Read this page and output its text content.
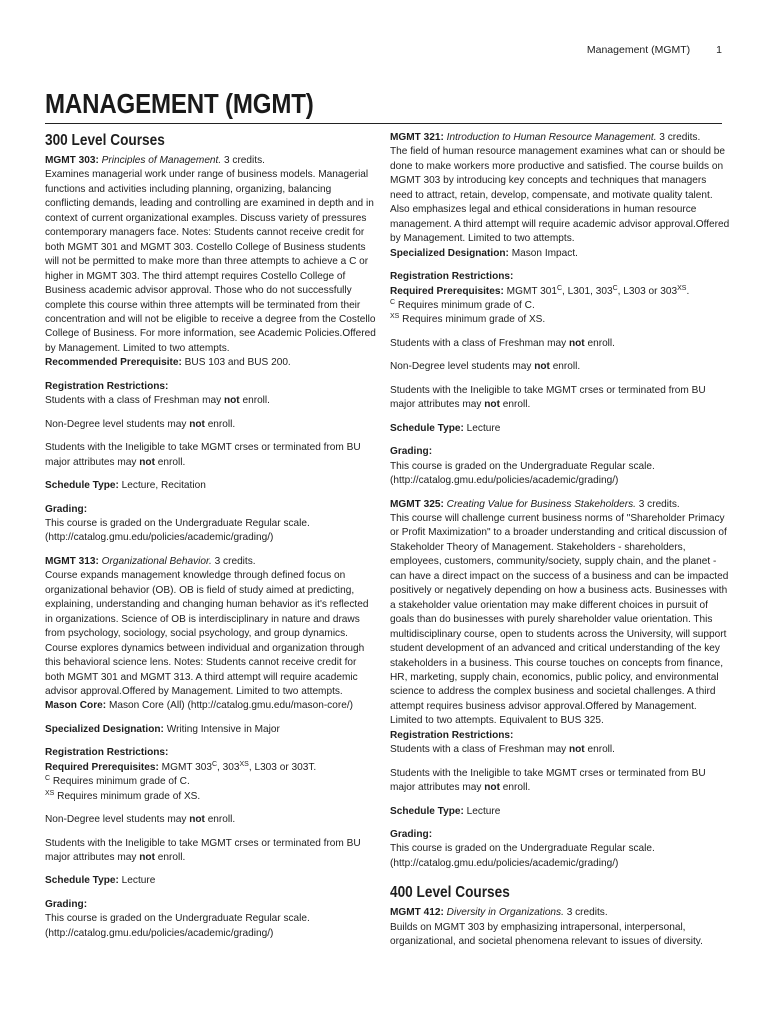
Management (MGMT) 1
MANAGEMENT (MGMT)
300 Level Courses
MGMT 303: Principles of Management. 3 credits.
Examines managerial work under range of business models. Managerial functions and activities including planning, organizing, balancing conflicting demands, leading and controlling are examined in depth and in context of current organizational examples. Discuss variety of pressures contemporary managers face. Notes: Students cannot receive credit for both MGMT 301 and MGMT 303. Costello College of Business students will not be permitted to make more than three attempts to achieve a C or higher in MGMT 303. The third attempt requires Costello College of Business academic advisor approval. Those who do not successfully complete this course within three attempts will be terminated from their concentration and will not be eligible to receive a degree from the Costello College of Business. For more information, see Academic Policies.Offered by Management. Limited to two attempts.
Recommended Prerequisite: BUS 103 and BUS 200.
Registration Restrictions:
Students with a class of Freshman may not enroll.
Non-Degree level students may not enroll.
Students with the Ineligible to take MGMT crses or terminated from BU major attributes may not enroll.
Schedule Type: Lecture, Recitation
Grading:
This course is graded on the Undergraduate Regular scale. (http://catalog.gmu.edu/policies/academic/grading/)
MGMT 313: Organizational Behavior. 3 credits.
Course expands management knowledge through defined focus on organizational behavior (OB). OB is field of study aimed at predicting, explaining, understanding and changing human behavior as it's reflected in organizations. Science of OB is interdisciplinary in nature and draws from psychology, sociology, social psychology, and group dynamics. Course explores dynamics between individual and organization through this behavioral science lens. Notes: Students cannot receive credit for both MGMT 301 and MGMT 313. A third attempt will require academic advisor approval.Offered by Management. Limited to two attempts.
Mason Core: Mason Core (All) (http://catalog.gmu.edu/mason-core/)
Specialized Designation: Writing Intensive in Major
Registration Restrictions:
Required Prerequisites: MGMT $303^C$, $303^{XS}$, L303 or 303T.
$^C$ Requires minimum grade of C.
$^{XS}$ Requires minimum grade of XS.
Non-Degree level students may not enroll.
Students with the Ineligible to take MGMT crses or terminated from BU major attributes may not enroll.
Schedule Type: Lecture
Grading:
This course is graded on the Undergraduate Regular scale. (http://catalog.gmu.edu/policies/academic/grading/)
MGMT 321: Introduction to Human Resource Management. 3 credits.
The field of human resource management examines what can or should be done to make workers more productive and satisfied. The course builds on MGMT 303 by introducing key concepts and techniques that managers need to attract, retain, develop, compensate, and motivate quality talent. Also emphasizes legal and ethical considerations in human resource management. A third attempt will require academic advisor approval.Offered by Management. Limited to two attempts.
Specialized Designation: Mason Impact.
Registration Restrictions:
Required Prerequisites: MGMT $301^C$, L301, $303^C$, L303 or $303^{XS}$.
$^C$ Requires minimum grade of C.
$^{XS}$ Requires minimum grade of XS.
Students with a class of Freshman may not enroll.
Non-Degree level students may not enroll.
Students with the Ineligible to take MGMT crses or terminated from BU major attributes may not enroll.
Schedule Type: Lecture
Grading:
This course is graded on the Undergraduate Regular scale. (http://catalog.gmu.edu/policies/academic/grading/)
MGMT 325: Creating Value for Business Stakeholders. 3 credits.
This course will challenge current business norms of "Shareholder Primacy or Profit Maximization" to a broader understanding and critical discussion of Stakeholder Theory of Management. Stakeholders - shareholders, employees, customers, community/society, supply chain, and the planet - can have a direct impact on the success of a business and can be impacted positively or negatively depending on how a business acts. Businesses with a stakeholder value orientation may make different choices in pursuit of goals than do businesses with purely shareholder value orientation. This multidisciplinary course, open to students across the University, will support student development of an advanced and critical understanding of the key stakeholders in a business. This course touches on concepts from finance, HR, marketing, supply chain, economics, public policy, and environmental science to address the complex business and societal challenges. A third attempt requires business advisor approval.Offered by Management. Limited to two attempts. Equivalent to BUS 325.
Registration Restrictions:
Students with a class of Freshman may not enroll.
Students with the Ineligible to take MGMT crses or terminated from BU major attributes may not enroll.
Schedule Type: Lecture
Grading:
This course is graded on the Undergraduate Regular scale. (http://catalog.gmu.edu/policies/academic/grading/)
400 Level Courses
MGMT 412: Diversity in Organizations. 3 credits.
Builds on MGMT 303 by emphasizing intrapersonal, interpersonal, organizational, and societal phenomena relevant to issues of diversity.
